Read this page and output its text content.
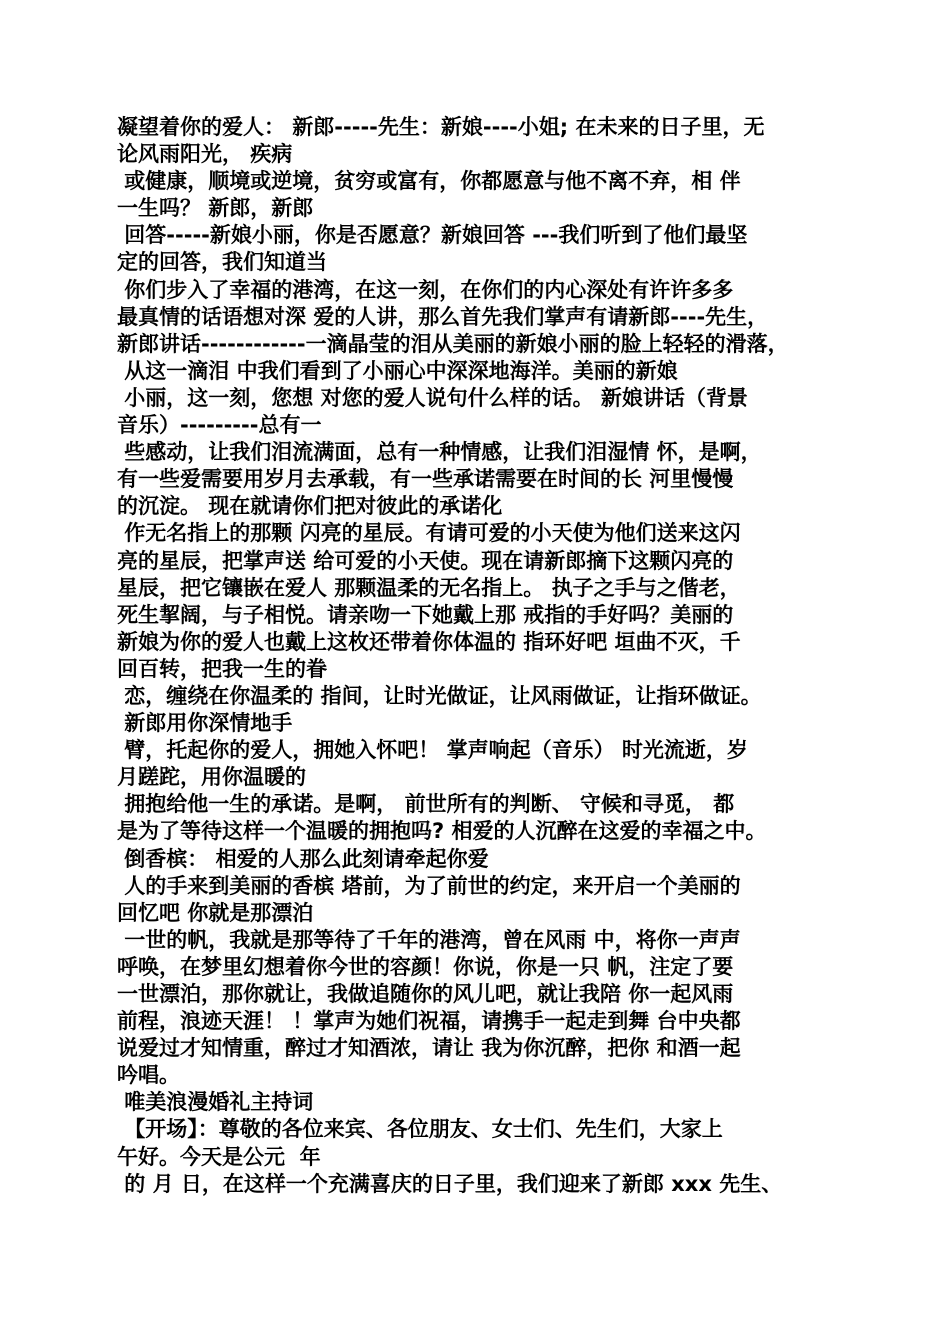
凝望着你的爱人： 新郎-----先生：新娘----小姐; 在未来的日子里，无
论风雨阳光， 疾病
或健康，顺境或逆境，贫穷或富有，你都愿意与他不离不弃，相 伴
一生吗？ 新郎，新郎
回答-----新娘小丽，你是否愿意？新娘回答 ---我们听到了他们最坚
定的回答，我们知道当
你们步入了幸福的港湾，在这一刻，在你们的内心深处有许许多多
最真情的话语想对深 爱的人讲，那么首先我们掌声有请新郎----先生，
新郎讲话------------一滴晶莹的泪从美丽的新娘小丽的脸上轻轻的滑落，
从这一滴泪 中我们看到了小丽心中深深地海洋。美丽的新娘
小丽，这一刻，您想 对您的爱人说句什么样的话。 新娘讲话（背景
音乐）---------总有一
些感动，让我们泪流满面，总有一种情感，让我们泪湿情 怀，是啊，
有一些爱需要用岁月去承载，有一些承诺需要在时间的长 河里慢慢
的沉淀。 现在就请你们把对彼此的承诺化
作无名指上的那颗 闪亮的星辰。有请可爱的小天使为他们送来这闪
亮的星辰，把掌声送 给可爱的小天使。现在请新郎摘下这颗闪亮的
星辰，把它镶嵌在爱人 那颗温柔的无名指上。 执子之手与之偕老，
死生挈阔，与子相悦。请亲吻一下她戴上那 戒指的手好吗？美丽的
新娘为你的爱人也戴上这枚还带着你体温的 指环好吧 垣曲不灭，千
回百转，把我一生的眷
恋，缠绕在你温柔的 指间，让时光做证，让风雨做证，让指环做证。
新郎用你深情地手
臂，托起你的爱人，拥她入怀吧！ 掌声响起（音乐） 时光流逝，岁
月蹉跎，用你温暖的
拥抱给他一生的承诺。是啊， 前世所有的判断、 守候和寻觅， 都
是为了等待这样一个温暖的拥抱吗? 相爱的人沉醉在这爱的幸福之中。
倒香槟： 相爱的人那么此刻请牵起你爱
人的手来到美丽的香槟 塔前，为了前世的约定，来开启一个美丽的
回忆吧 你就是那漂泊
一世的帆，我就是那等待了千年的港湾，曾在风雨 中，将你一声声
呼唤，在梦里幻想着你今世的容颜！你说，你是一只 帆，注定了要
一世漂泊，那你就让，我做追随你的风儿吧，就让我陪 你一起风雨
前程，浪迹天涯！ ！掌声为她们祝福，请携手一起走到舞 台中央都
说爱过才知情重，醉过才知酒浓，请让 我为你沉醉，把你 和酒一起
吟唱。
唯美浪漫婚礼主持词
【开场】：尊敬的各位来宾、各位朋友、女士们、先生们，大家上
午好。今天是公元  年
的 月 日，在这样一个充满喜庆的日子里，我们迎来了新郎 xxx 先生、
